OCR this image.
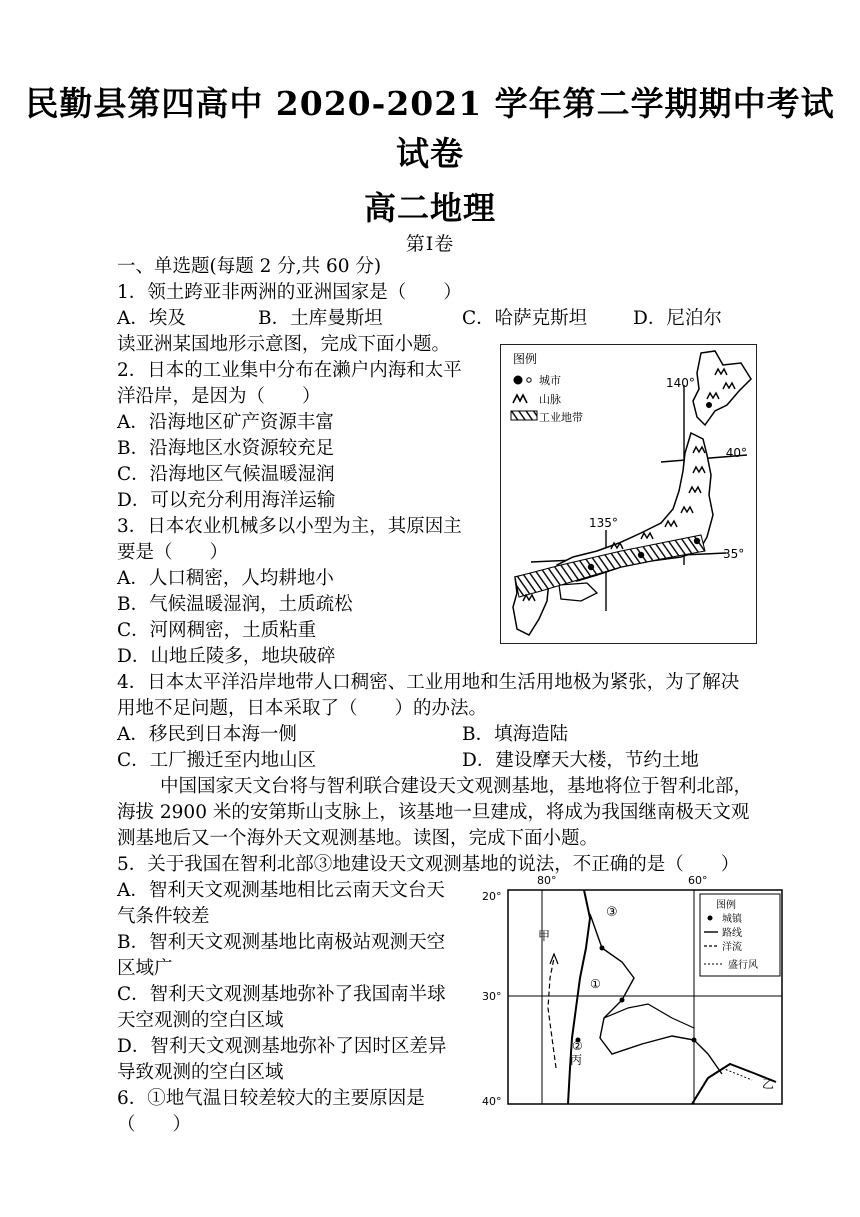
民勤县第四高中 2020-2021 学年第二学期期中考试
试卷
高二地理
第Ⅰ卷
一、单选题(每题 2 分,共 60 分)
1．领土跨亚非两洲的亚洲国家是（　　）
A．埃及	B．土库曼斯坦	C．哈萨克斯坦 D．尼泊尔
读亚洲某国地形示意图，完成下面小题。
2．日本的工业集中分布在濑户内海和太平
洋沿岸，是因为（　　）
A．沿海地区矿产资源丰富
B．沿海地区水资源较充足
C．沿海地区气候温暖湿润
D．可以充分利用海洋运输
3．日本农业机械多以小型为主，其原因主
要是（　　）
A．人口稠密，人均耕地小
B．气候温暖湿润，土质疏松
C．河网稠密，土质粘重
D．山地丘陵多，地块破碎
4．日本太平洋沿岸地带人口稠密、工业用地和生活用地极为紧张，为了解决
用地不足问题，日本采取了（　　）的办法。
A．移民到日本海一侧	B．填海造陆
C．工厂搬迁至内地山区	D．建设摩天大楼，节约土地
中国国家天文台将与智利联合建设天文观测基地，基地将位于智利北部，
海拔 2900 米的安第斯山支脉上，该基地一旦建成，将成为我国继南极天文观
测基地后又一个海外天文观测基地。读图，完成下面小题。
5．关于我国在智利北部③地建设天文观测基地的说法，不正确的是（　　）
A．智利天文观测基地相比云南天文台天
气条件较差
B．智利天文观测基地比南极站观测天空
区域广
C．智利天文观测基地弥补了我国南半球
天空观测的空白区域
D．智利天文观测基地弥补了因时区差异
导致观测的空白区域
6．①地气温日较差较大的主要原因是
（　　）
图例
城市
山脉
工业地带
140°
135°
40°
35°
80°	60°
20°
30°
40°
甲
乙
丙
①
②
③	图例
城镇
路线
洋流
盛行风
